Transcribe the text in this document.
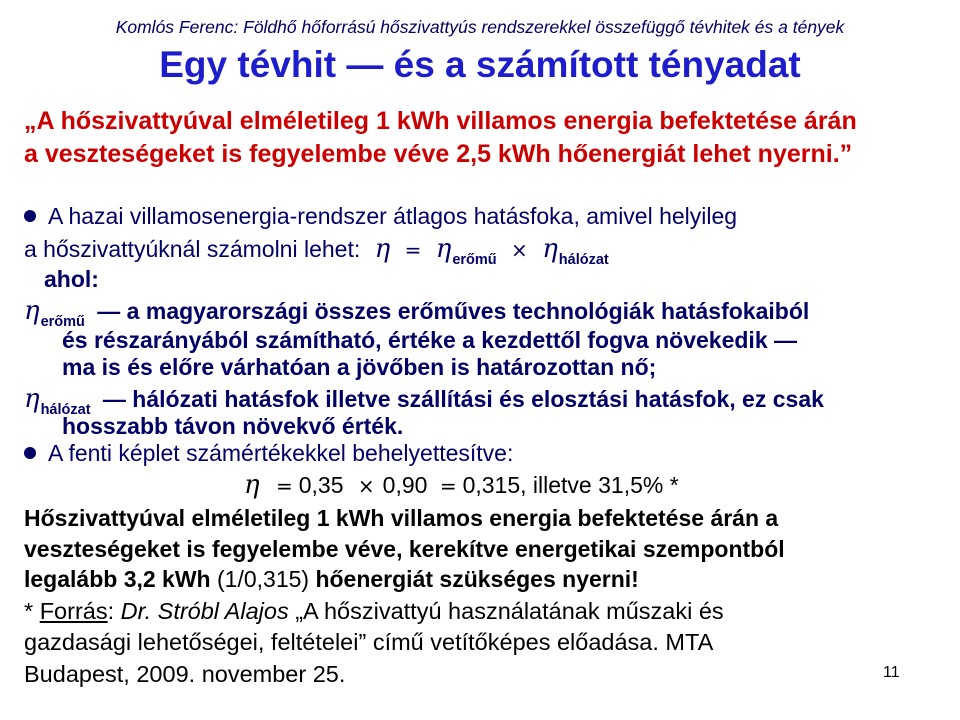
Komlós Ferenc: Földhő hőforrású hőszivattyús rendszerekkel összefüggő tévhitek és a tények
Egy tévhit — és a számított tényadat
„A hőszivattyúval elméletileg 1 kWh villamos energia befektetése árán
a veszteségeket is fegyelembe véve 2,5 kWh hőenergiát lehet nyerni.”
A hazai villamosenergia-rendszer átlagos hatásfoka, amivel helyileg
a hőszivattyúknál számolni lehet: $\eta = \eta_{erőmű} \times \eta_{hálózat}$
ahol:
$\eta_{erőmű}$ — a magyarországi összes erőműves technológiák hatásfokaiból
és részarányából számítható, értéke a kezdettől fogva növekedik —
ma is és előre várhatóan a jövőben is határozottan nő;
$\eta_{hálózat}$ — hálózati hatásfok illetve szállítási és elosztási hatásfok, ez csak
hosszabb távon növekvő érték.
A fenti képlet számértékekkel behelyettesítve:
η = 0,35 × 0,90 = 0,315, illetve 31,5% *
Hőszivattyúval elméletileg 1 kWh villamos energia befektetése árán a
veszteségeket is fegyelembe véve, kerekítve energetikai szempontból
legalább 3,2 kWh (1/0,315) hőenergiát szükséges nyerni!
* Forrás: Dr. Stróbl Alajos „A hőszivattyú használatának műszaki és
gazdasági lehetőségei, feltételei” című vetítőképes előadása. MTA
Budapest, 2009. november 25.	11
